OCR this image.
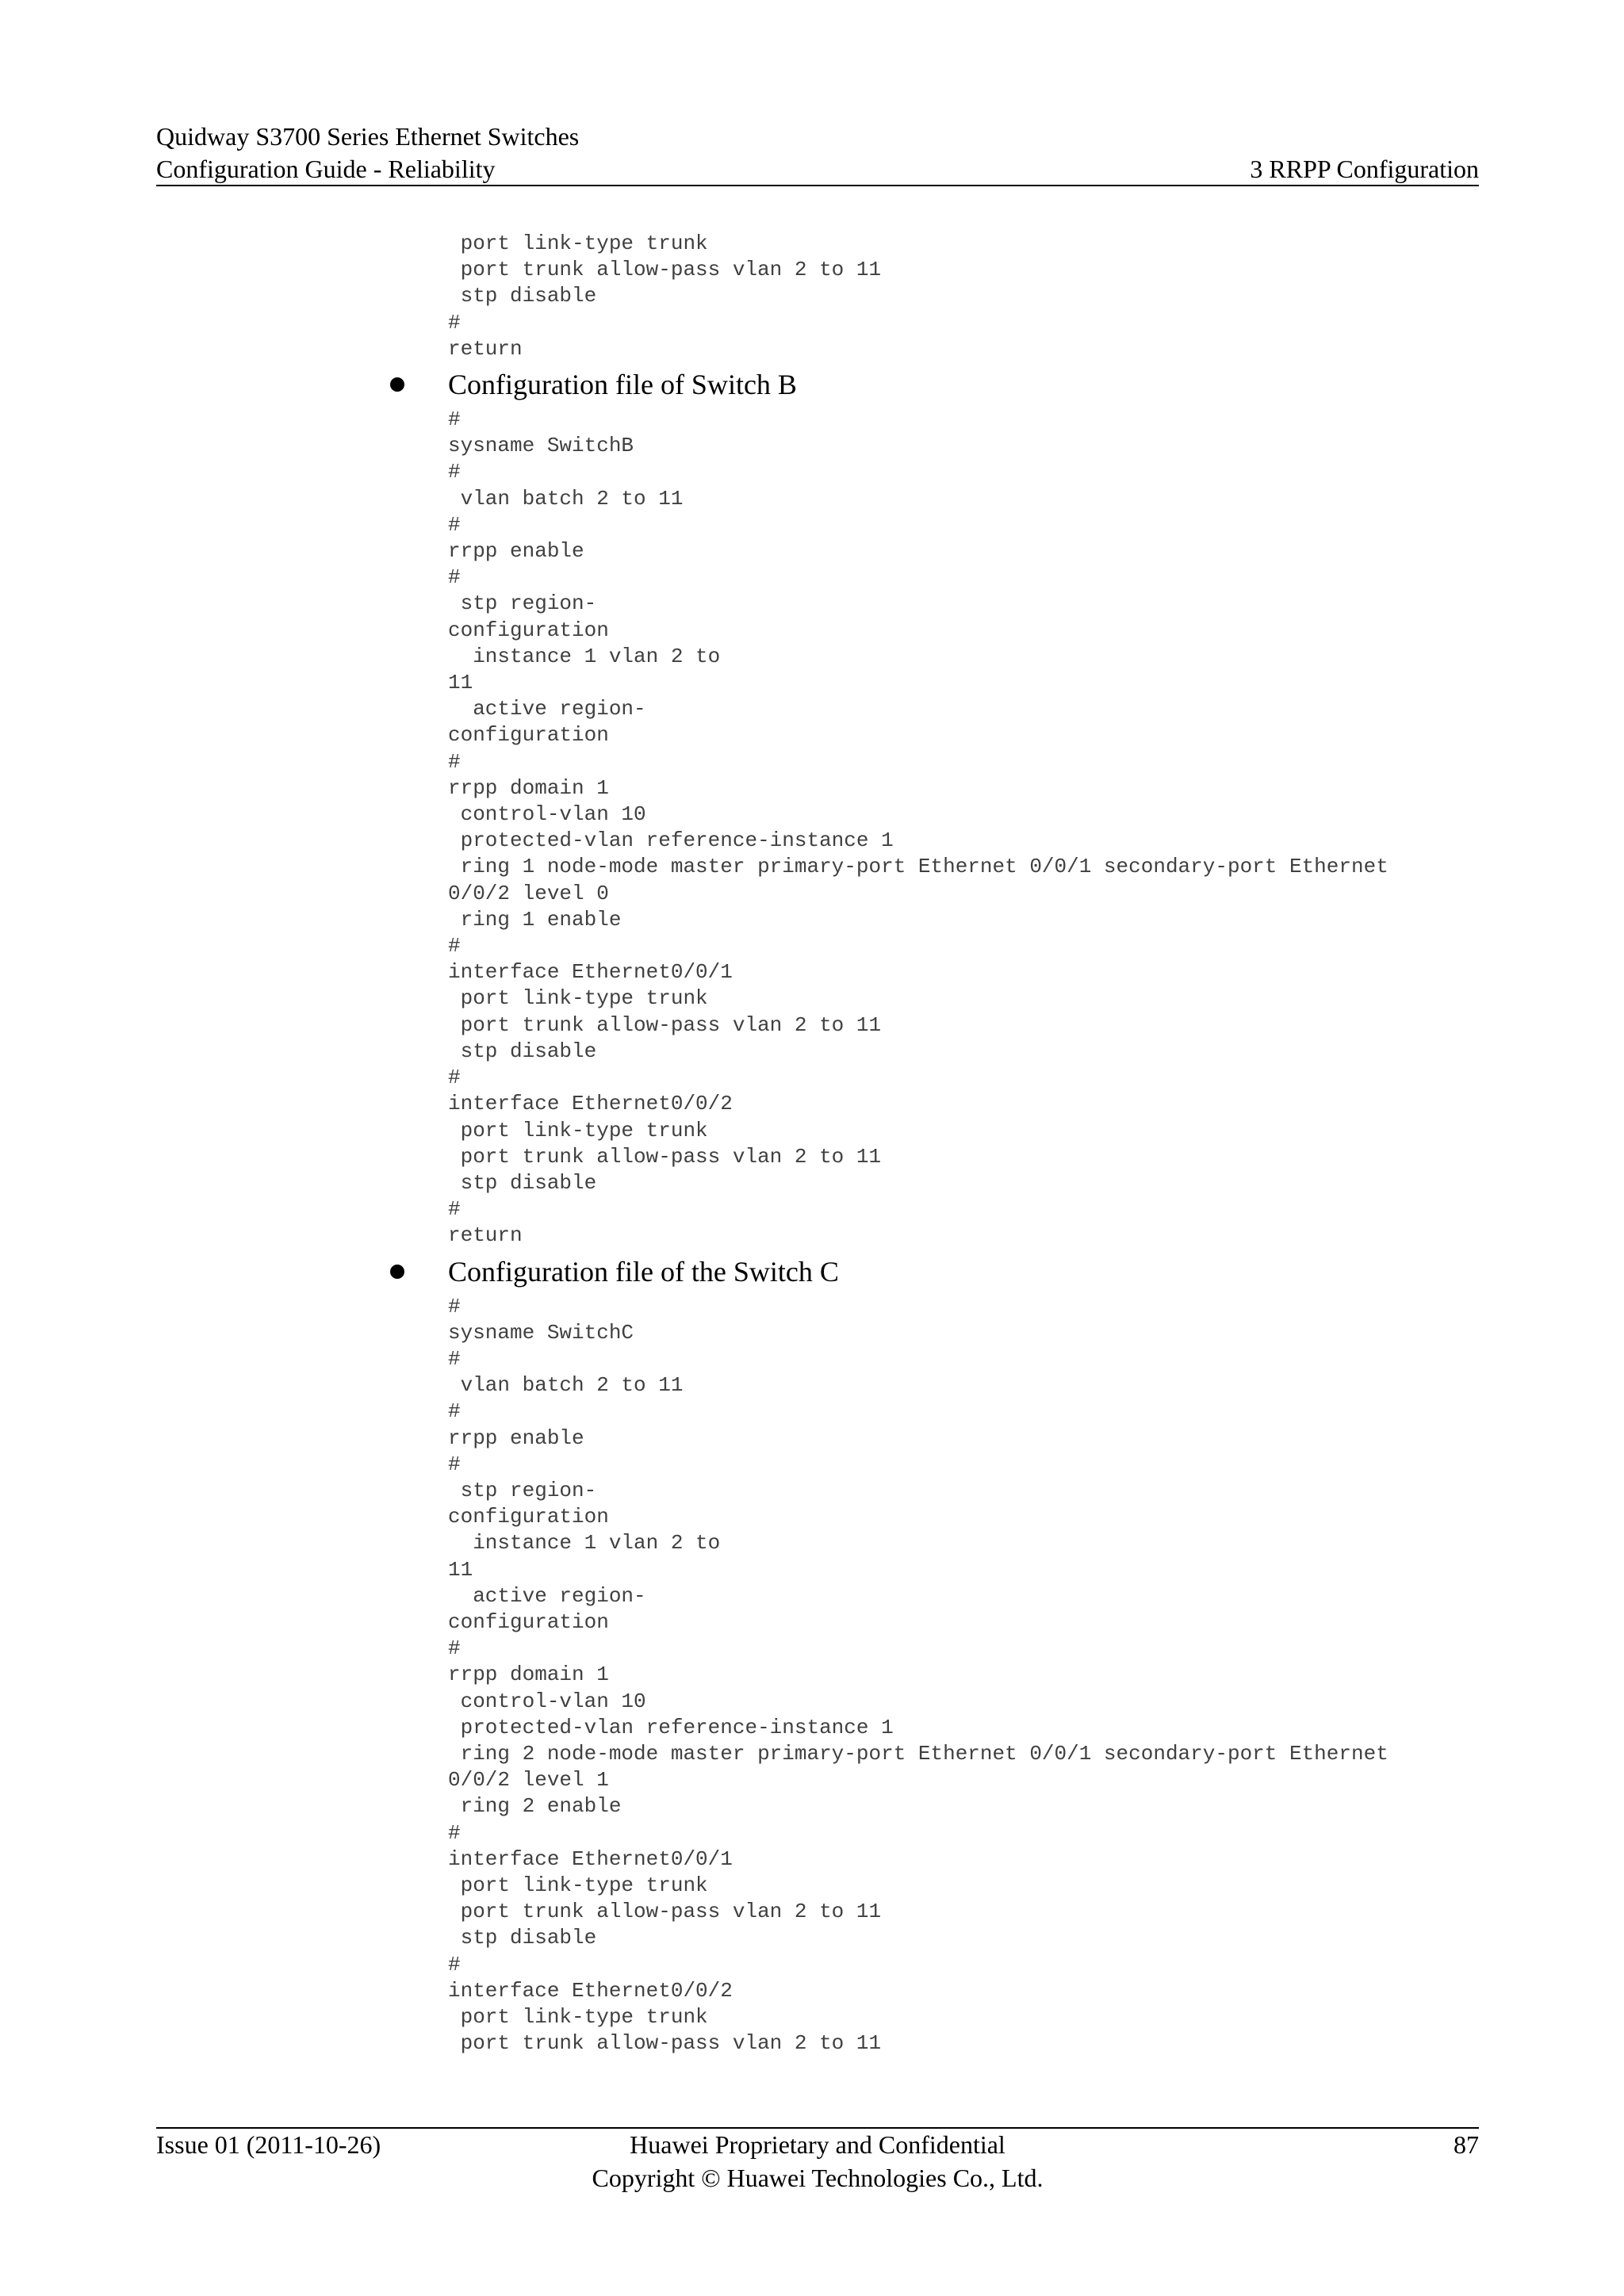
Quidway S3700 Series Ethernet Switches
Configuration Guide - Reliability	3 RRPP Configuration
port link-type trunk
port trunk allow-pass vlan 2 to 11
stp disable
#
return
Configuration file of Switch B
#
sysname SwitchB
#
vlan batch 2 to 11
#
rrpp enable
#
stp region-
configuration
instance 1 vlan 2 to
11
active region-
configuration
#
rrpp domain 1
control-vlan 10
protected-vlan reference-instance 1
ring 1 node-mode master primary-port Ethernet 0/0/1 secondary-port Ethernet
0/0/2 level 0
ring 1 enable
#
interface Ethernet0/0/1
port link-type trunk
port trunk allow-pass vlan 2 to 11
stp disable
#
interface Ethernet0/0/2
port link-type trunk
port trunk allow-pass vlan 2 to 11
stp disable
#
return
Configuration file of the Switch C
#
sysname SwitchC
#
vlan batch 2 to 11
#
rrpp enable
#
stp region-
configuration
instance 1 vlan 2 to
11
active region-
configuration
#
rrpp domain 1
control-vlan 10
protected-vlan reference-instance 1
ring 2 node-mode master primary-port Ethernet 0/0/1 secondary-port Ethernet
0/0/2 level 1
ring 2 enable
#
interface Ethernet0/0/1
port link-type trunk
port trunk allow-pass vlan 2 to 11
stp disable
#
interface Ethernet0/0/2
port link-type trunk
port trunk allow-pass vlan 2 to 11
Issue 01 (2011-10-26)	Huawei Proprietary and Confidential
Copyright © Huawei Technologies Co., Ltd.
87
